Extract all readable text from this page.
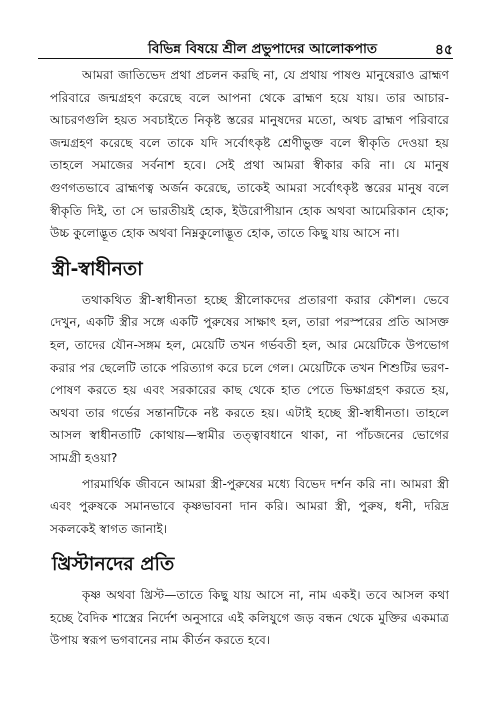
বিভিন্ন বিষয়ে শ্রীল প্রভুপাদের আলোকপাত	৪৫

আমরা জাতিভেদ প্রথা প্রচলন করছি না, যে প্রথায় পাষণ্ড মানুষেরাও ব্রাহ্মণ পরিবারে জন্মগ্রহণ করেছে বলে আপনা থেকে ব্রাহ্মণ হয়ে যায়। তার আচার-আচরণগুলি হয়ত সবচাইতে নিকৃষ্ট স্তরের মানুষদের মতো, অথচ ব্রাহ্মণ পরিবারে জন্মগ্রহণ করেছে বলে তাকে যদি সর্বোৎকৃষ্ট শ্রেণীভুক্ত বলে স্বীকৃতি দেওয়া হয় তাহলে সমাজের সর্বনাশ হবে। সেই প্রথা আমরা স্বীকার করি না। যে মানুষ গুণগতভাবে ব্রাহ্মণত্ব অর্জন করেছে, তাকেই আমরা সর্বোৎকৃষ্ট স্তরের মানুষ বলে স্বীকৃতি দিই, তা সে ভারতীয়ই হোক, ইউরোপীয়ান হোক অথবা আমেরিকান হোক; উচ্চ কুলোদ্ভূত হোক অথবা নিম্নকুলোদ্ভূত হোক, তাতে কিছু যায় আসে না।

স্ত্রী-স্বাধীনতা

তথাকথিত স্ত্রী-স্বাধীনতা হচ্ছে স্ত্রীলোকদের প্রতারণা করার কৌশল। ভেবে দেখুন, একটি স্ত্রীর সঙ্গে একটি পুরুষের সাক্ষাৎ হল, তারা পরস্পরের প্রতি আসক্ত হল, তাদের যৌন-সঙ্গম হল, মেয়েটি তখন গর্ভবতী হল, আর মেয়েটিকে উপভোগ করার পর ছেলেটি তাকে পরিত্যাগ করে চলে গেল। মেয়েটিকে তখন শিশুটির ভরণ-পোষণ করতে হয় এবং সরকারের কাছ থেকে হাত পেতে ভিক্ষাগ্রহণ করতে হয়, অথবা তার গর্ভের সন্তানটিকে নষ্ট করতে হয়। এটাই হচ্ছে স্ত্রী-স্বাধীনতা। তাহলে আসল স্বাধীনতাটি কোথায়—স্বামীর তত্ত্বাবধানে থাকা, না পাঁচজনের ভোগের সামগ্রী হওয়া?

পারমার্থিক জীবনে আমরা স্ত্রী-পুরুষের মধ্যে বিভেদ দর্শন করি না। আমরা স্ত্রী এবং পুরুষকে সমানভাবে কৃষ্ণভাবনা দান করি। আমরা স্ত্রী, পুরুষ, ধনী, দরিদ্র সকলকেই স্বাগত জানাই।

খ্রিস্টানদের প্রতি

কৃষ্ণ অথবা খ্রিস্ট—তাতে কিছু যায় আসে না, নাম একই। তবে আসল কথা হচ্ছে বৈদিক শাস্ত্রের নির্দেশ অনুসারে এই কলিযুগে জড় বন্ধন থেকে মুক্তির একমাত্র উপায় স্বরূপ ভগবানের নাম কীর্তন করতে হবে।
